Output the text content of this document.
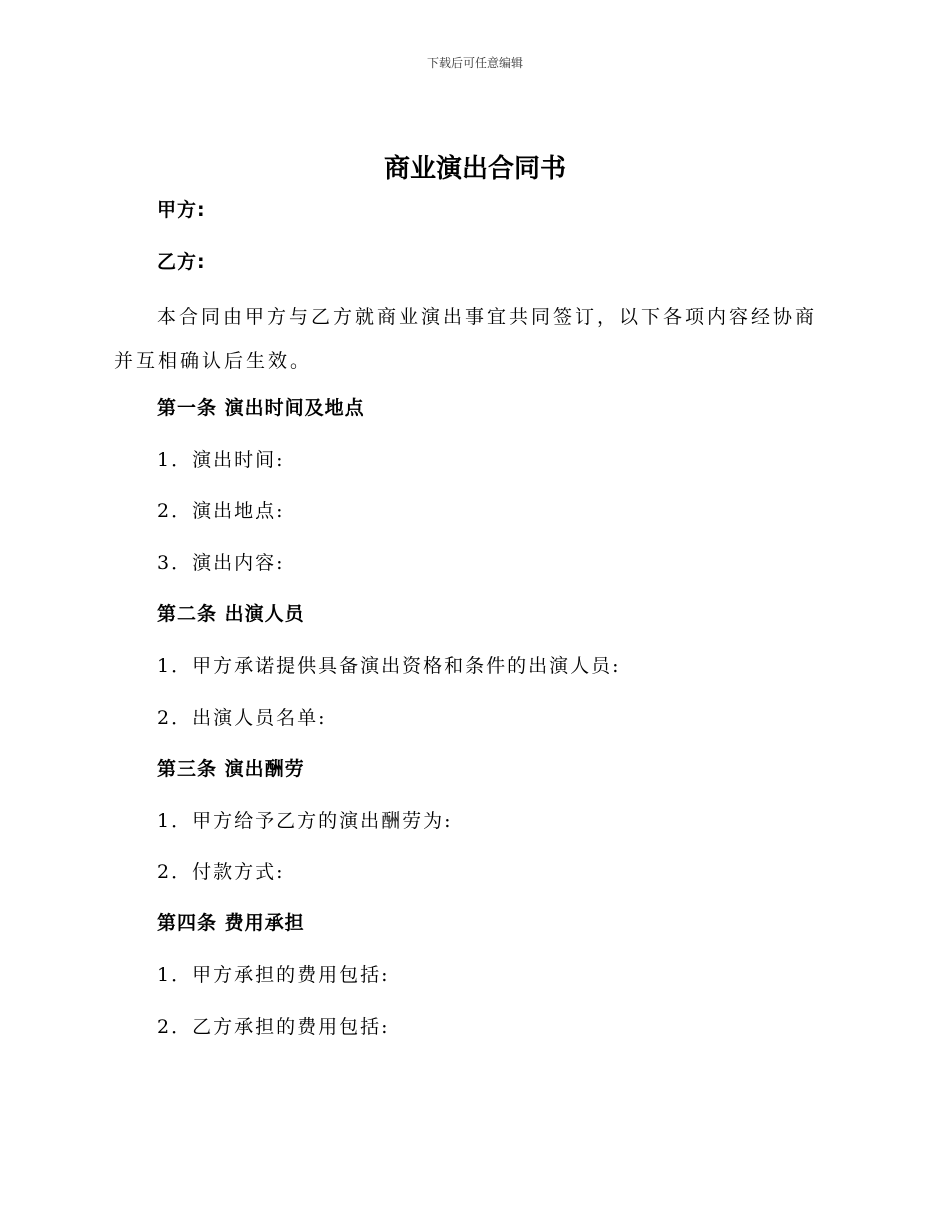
下载后可任意编辑
商业演出合同书
甲方:
乙方:

本合同由甲方与乙方就商业演出事宜共同签订，以下各项内容经协商并互相确认后生效。

第一条 演出时间及地点
1．演出时间:
2．演出地点:
3．演出内容:
第二条 出演人员
1．甲方承诺提供具备演出资格和条件的出演人员:
2．出演人员名单:
第三条 演出酬劳
1．甲方给予乙方的演出酬劳为:
2．付款方式:
第四条 费用承担
1．甲方承担的费用包括:
2．乙方承担的费用包括:
